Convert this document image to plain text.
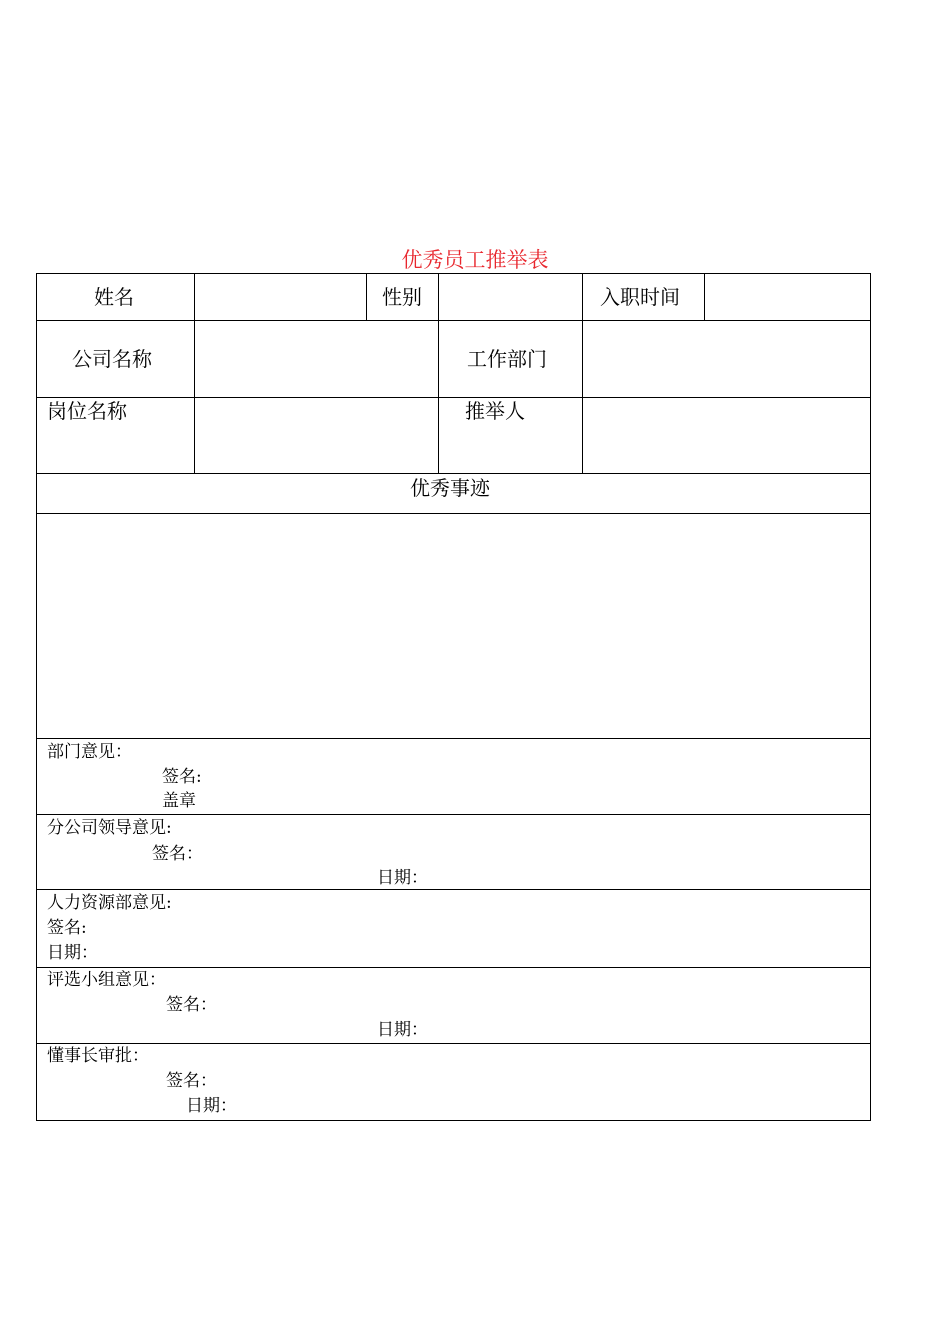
优秀员工推举表
姓名	性别	入职时间
公司名称	工作部门
岗位名称	推举人
优秀事迹
部门意见：
签名:
盖章
分公司领导意见:
签名：
日期：
人力资源部意见:
签名:
日期：
评选小组意见：
签名：
日期：
懂事长审批：
签名：
日期：
